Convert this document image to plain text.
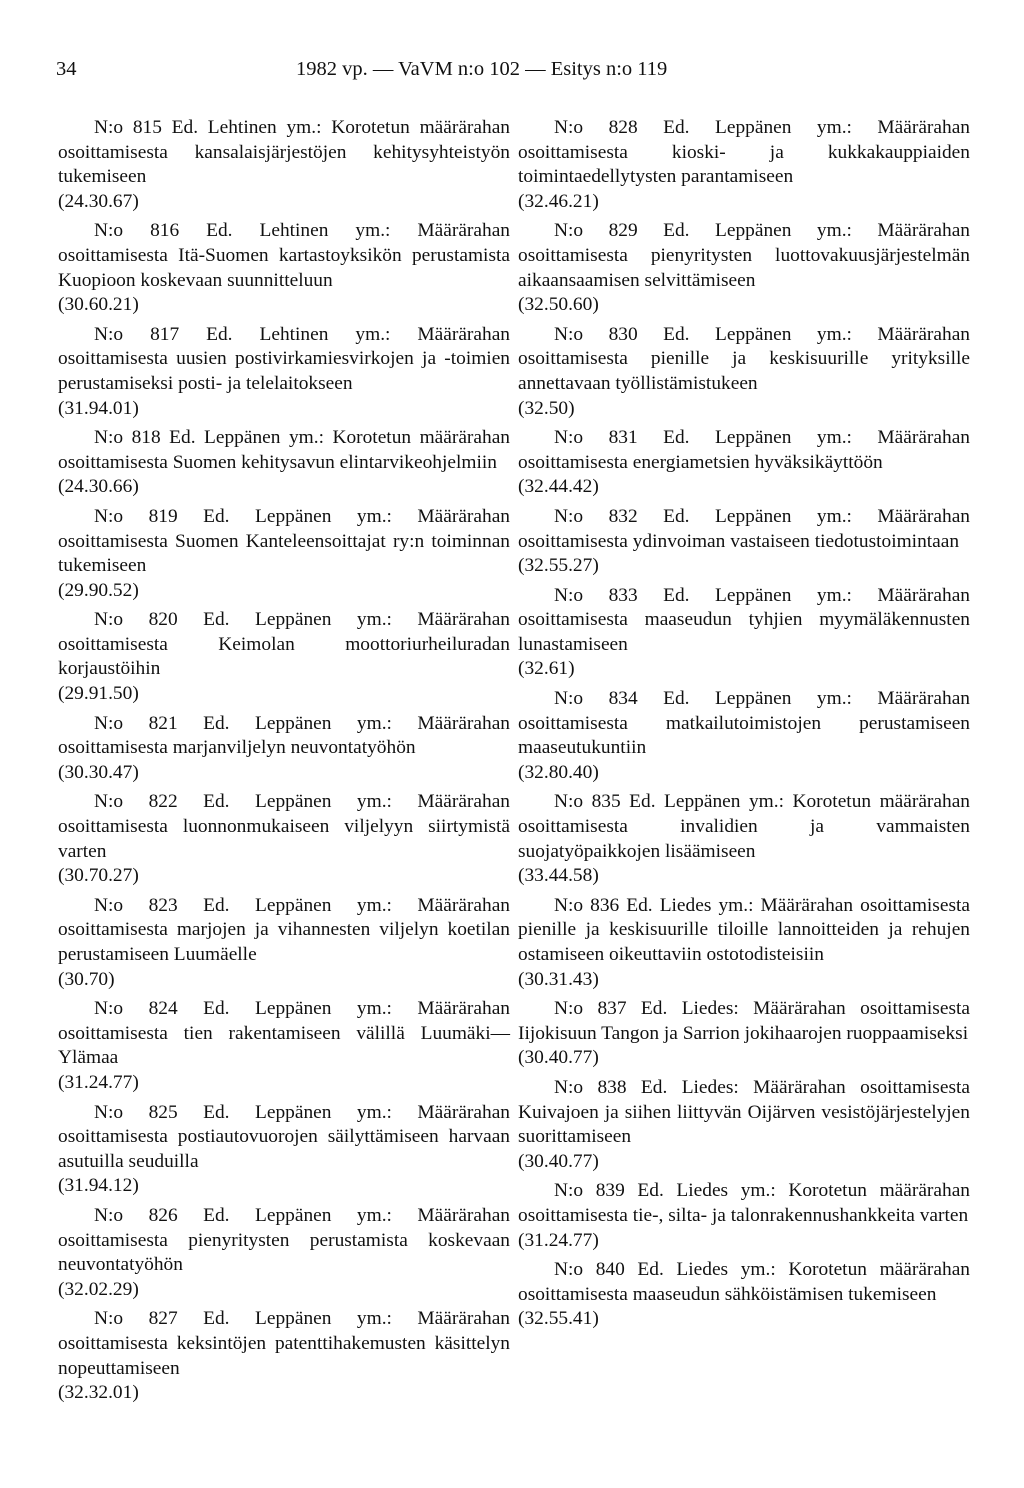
34	1982 vp. — VaVM n:o 102 — Esitys n:o 119

N:o 815 Ed. Lehtinen ym.: Korotetun määrärahan osoittamisesta kansalaisjärjestöjen kehitysyhteistyön tukemiseen

(24.30.67)

N:o 816 Ed. Lehtinen ym.: Määrärahan osoittamisesta Itä-Suomen kartastoyksikön perustamista Kuopioon koskevaan suunnitteluun

(30.60.21)

N:o 817 Ed. Lehtinen ym.: Määrärahan osoittamisesta uusien postivirkamiesvirkojen ja -toimien perustamiseksi posti- ja telelaitokseen

(31.94.01)

N:o 818 Ed. Leppänen ym.: Korotetun määrärahan osoittamisesta Suomen kehitysavun elintarvikeohjelmiin

(24.30.66)

N:o 819 Ed. Leppänen ym.: Määrärahan osoittamisesta Suomen Kanteleensoittajat ry:n toiminnan tukemiseen

(29.90.52)

N:o 820 Ed. Leppänen ym.: Määrärahan osoittamisesta Keimolan moottoriurheiluradan korjaustöihin

(29.91.50)

N:o 821 Ed. Leppänen ym.: Määrärahan osoittamisesta marjanviljelyn neuvontatyöhön

(30.30.47)

N:o 822 Ed. Leppänen ym.: Määrärahan osoittamisesta luonnonmukaiseen viljelyyn siirtymistä varten

(30.70.27)

N:o 823 Ed. Leppänen ym.: Määrärahan osoittamisesta marjojen ja vihannesten viljelyn koetilan perustamiseen Luumäelle

(30.70)

N:o 824 Ed. Leppänen ym.: Määrärahan osoittamisesta tien rakentamiseen välillä Luumäki—Ylämaa

(31.24.77)

N:o 825 Ed. Leppänen ym.: Määrärahan osoittamisesta postiautovuorojen säilyttämiseen harvaan asutuilla seuduilla

(31.94.12)

N:o 826 Ed. Leppänen ym.: Määrärahan osoittamisesta pienyritysten perustamista koskevaan neuvontatyöhön

(32.02.29)

N:o 827 Ed. Leppänen ym.: Määrärahan osoittamisesta keksintöjen patenttihakemusten käsittelyn nopeuttamiseen

(32.32.01)

N:o 828 Ed. Leppänen ym.: Määrärahan osoittamisesta kioski- ja kukkakauppiaiden toimintaedellytysten parantamiseen

(32.46.21)

N:o 829 Ed. Leppänen ym.: Määrärahan osoittamisesta pienyritysten luottovakuusjärjestelmän aikaansaamisen selvittämiseen

(32.50.60)

N:o 830 Ed. Leppänen ym.: Määrärahan osoittamisesta pienille ja keskisuurille yrityksille annettavaan työllistämistukeen

(32.50)

N:o 831 Ed. Leppänen ym.: Määrärahan osoittamisesta energiametsien hyväksikäyttöön

(32.44.42)

N:o 832 Ed. Leppänen ym.: Määrärahan osoittamisesta ydinvoiman vastaiseen tiedotustoimintaan

(32.55.27)

N:o 833 Ed. Leppänen ym.: Määrärahan osoittamisesta maaseudun tyhjien myymäläkennusten lunastamiseen

(32.61)

N:o 834 Ed. Leppänen ym.: Määrärahan osoittamisesta matkailutoimistojen perustamiseen maaseutukuntiin

(32.80.40)

N:o 835 Ed. Leppänen ym.: Korotetun määrärahan osoittamisesta invalidien ja vammaisten suojatyöpaikkojen lisäämiseen

(33.44.58)

N:o 836 Ed. Liedes ym.: Määrärahan osoittamisesta pienille ja keskisuurille tiloille lannoitteiden ja rehujen ostamiseen oikeuttaviin ostotodisteisiin

(30.31.43)

N:o 837 Ed. Liedes: Määrärahan osoittamisesta Iijokisuun Tangon ja Sarrion jokihaarojen ruoppaamiseksi

(30.40.77)

N:o 838 Ed. Liedes: Määrärahan osoittamisesta Kuivajoen ja siihen liittyvän Oijärven vesistöjärjestelyjen suorittamiseen

(30.40.77)

N:o 839 Ed. Liedes ym.: Korotetun määrärahan osoittamisesta tie-, silta- ja talonrakennushankkeita varten

(31.24.77)

N:o 840 Ed. Liedes ym.: Korotetun määrärahan osoittamisesta maaseudun sähköistämisen tukemiseen

(32.55.41)
